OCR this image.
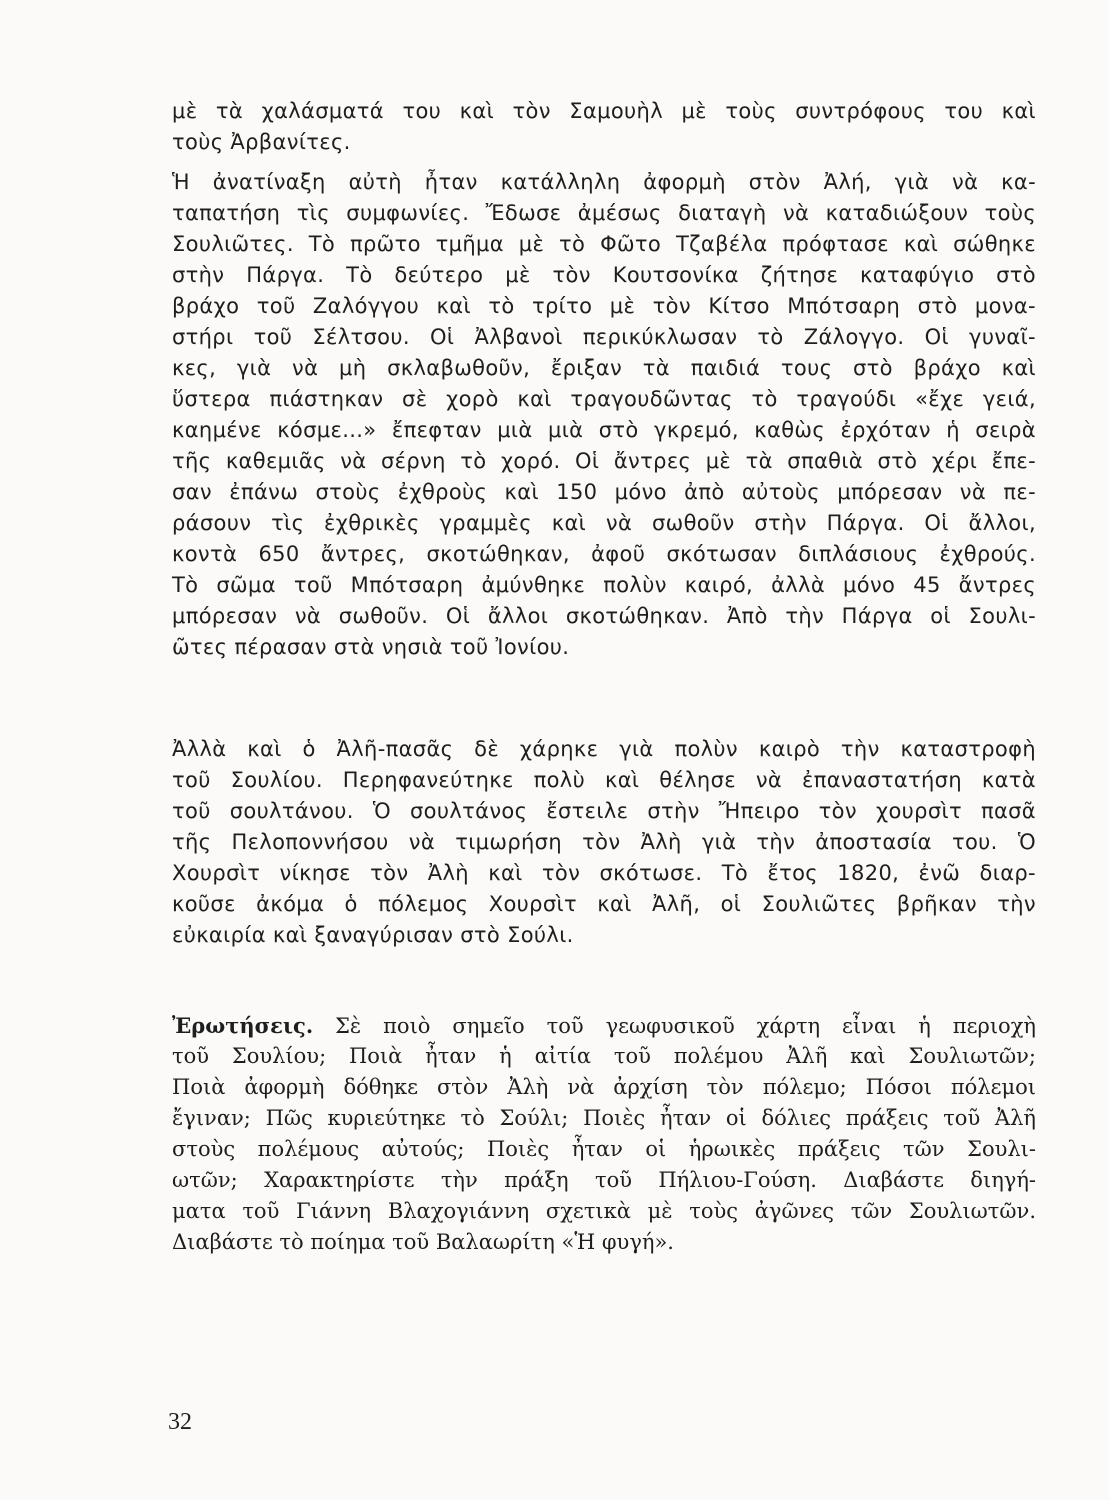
μὲ τὰ χαλάσματά του καὶ τὸν Σαμουὴλ μὲ τοὺς συντρόφους του καὶ
τοὺς Ἀρβανίτες.
Ἡ ἀνατίναξη αὐτὴ ἦταν κατάλληλη ἀφορμὴ στὸν Ἀλή, γιὰ νὰ κα-
ταπατήση τὶς συμφωνίες. Ἔδωσε ἀμέσως διαταγὴ νὰ καταδιώξουν τοὺς
Σουλιῶτες. Τὸ πρῶτο τμῆμα μὲ τὸ Φῶτο Τζαβέλα πρόφτασε καὶ σώθηκε
στὴν Πάργα. Τὸ δεύτερο μὲ τὸν Κουτσονίκα ζήτησε καταφύγιο στὸ
βράχο τοῦ Ζαλόγγου καὶ τὸ τρίτο μὲ τὸν Κίτσο Μπότσαρη στὸ μονα-
στήρι τοῦ Σέλτσου. Οἱ Ἀλβανοὶ περικύκλωσαν τὸ Ζάλογγο. Οἱ γυναῖ-
κες, γιὰ νὰ μὴ σκλαβωθοῦν, ἔριξαν τὰ παιδιά τους στὸ βράχο καὶ
ὕστερα πιάστηκαν σὲ χορὸ καὶ τραγουδῶντας τὸ τραγούδι «ἔχε γειά,
καημένε κόσμε...» ἔπεφταν μιὰ μιὰ στὸ γκρεμό, καθὼς ἐρχόταν ἡ σειρὰ
τῆς καθεμιᾶς νὰ σέρνη τὸ χορό. Οἱ ἄντρες μὲ τὰ σπαθιὰ στὸ χέρι ἔπε-
σαν ἐπάνω στοὺς ἐχθροὺς καὶ 150 μόνο ἀπὸ αὐτοὺς μπόρεσαν νὰ πε-
ράσουν τὶς ἐχθρικὲς γραμμὲς καὶ νὰ σωθοῦν στὴν Πάργα. Οἱ ἄλλοι,
κοντὰ 650 ἄντρες, σκοτώθηκαν, ἀφοῦ σκότωσαν διπλάσιους ἐχθρούς.
Τὸ σῶμα τοῦ Μπότσαρη ἀμύνθηκε πολὺν καιρό, ἀλλὰ μόνο 45 ἄντρες
μπόρεσαν νὰ σωθοῦν. Οἱ ἄλλοι σκοτώθηκαν. Ἀπὸ τὴν Πάργα οἱ Σουλι-
ῶτες πέρασαν στὰ νησιὰ τοῦ Ἰονίου.
Ἀλλὰ καὶ ὁ Ἀλῆ-πασᾶς δὲ χάρηκε γιὰ πολὺν καιρὸ τὴν καταστροφὴ
τοῦ Σουλίου. Περηφανεύτηκε πολὺ καὶ θέλησε νὰ ἐπαναστατήση κατὰ
τοῦ σουλτάνου. Ὁ σουλτάνος ἔστειλε στὴν Ἤπειρο τὸν χουρσὶτ πασᾶ
τῆς Πελοποννήσου νὰ τιμωρήση τὸν Ἀλὴ γιὰ τὴν ἀποστασία του. Ὁ
Χουρσὶτ νίκησε τὸν Ἀλὴ καὶ τὸν σκότωσε. Τὸ ἔτος 1820, ἐνῶ διαρ-
κοῦσε ἀκόμα ὁ πόλεμος Χουρσὶτ καὶ Ἀλῆ, οἱ Σουλιῶτες βρῆκαν τὴν
εὐκαιρία καὶ ξαναγύρισαν στὸ Σούλι.
Ἐρωτήσεις. Σὲ ποιὸ σημεῖο τοῦ γεωφυσικοῦ χάρτη εἶναι ἡ περιοχὴ
τοῦ Σουλίου; Ποιὰ ἦταν ἡ αἰτία τοῦ πολέμου Ἀλῆ καὶ Σουλιωτῶν;
Ποιὰ ἀφορμὴ δόθηκε στὸν Ἀλὴ νὰ ἀρχίση τὸν πόλεμο; Πόσοι πόλεμοι
ἔγιναν; Πῶς κυριεύτηκε τὸ Σούλι; Ποιὲς ἦταν οἱ δόλιες πράξεις τοῦ Ἀλῆ
στοὺς πολέμους αὐτούς; Ποιὲς ἦταν οἱ ἡρωικὲς πράξεις τῶν Σουλι-
ωτῶν; Χαρακτηρίστε τὴν πράξη τοῦ Πήλιου-Γούση. Διαβάστε διηγή-
ματα τοῦ Γιάννη Βλαχογιάννη σχετικὰ μὲ τοὺς ἀγῶνες τῶν Σουλιωτῶν.
Διαβάστε τὸ ποίημα τοῦ Βαλαωρίτη «Ἡ φυγή».
32
